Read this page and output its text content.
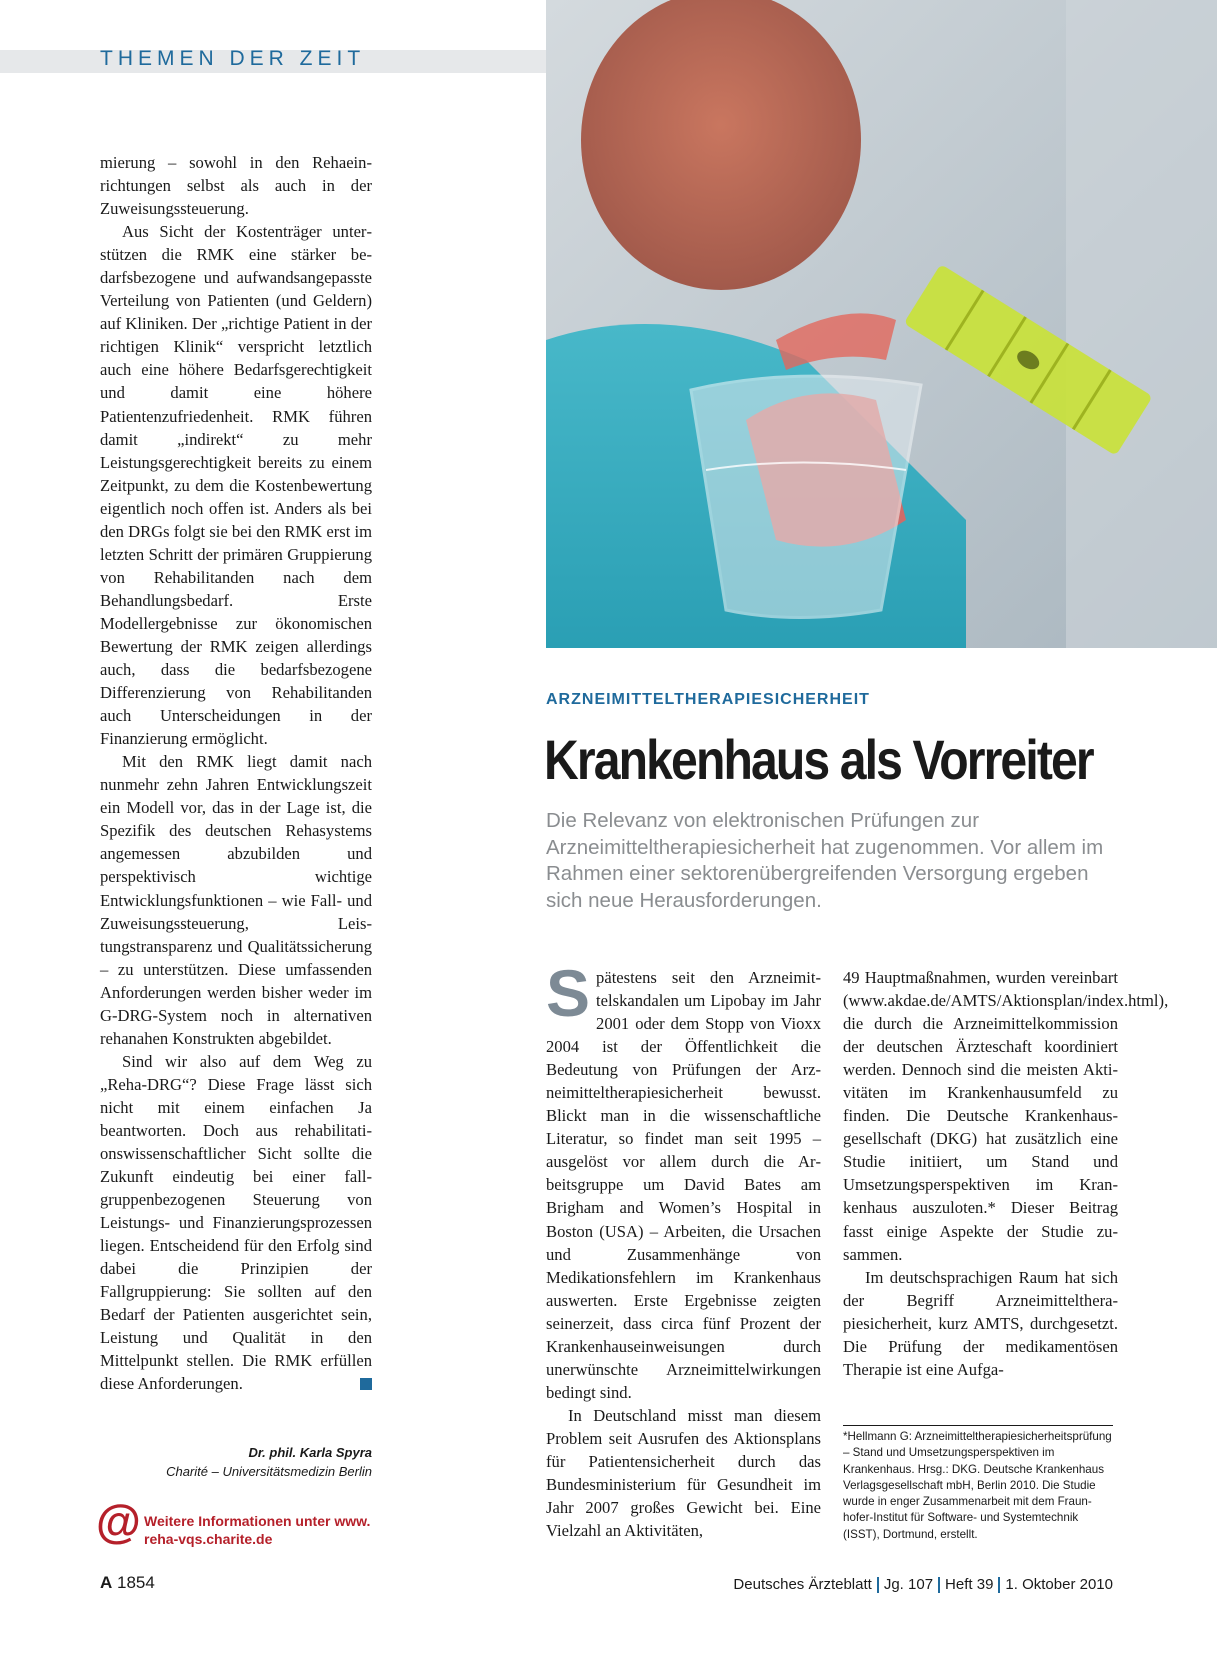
THEMEN DER ZEIT

mierung – sowohl in den Rehaeinrichtungen selbst als auch in der Zuweisungssteuerung.

Aus Sicht der Kostenträger unterstützen die RMK eine stärker bedarfsbezogene und aufwandsangepasste Verteilung von Patienten (und Geldern) auf Kliniken. Der „richtige Patient in der richtigen Klinik“ verspricht letztlich auch eine höhere Bedarfsgerechtigkeit und damit eine höhere Patientenzufriedenheit. RMK führen damit „indirekt“ zu mehr Leistungsgerechtigkeit bereits zu einem Zeitpunkt, zu dem die Kostenbewertung eigentlich noch offen ist. Anders als bei den DRGs folgt sie bei den RMK erst im letzten Schritt der primären Gruppierung von Rehabilitanden nach dem Behandlungsbedarf. Erste Modellergebnisse zur ökonomischen Bewertung der RMK zeigen allerdings auch, dass die bedarfsbezogene Differenzierung von Rehabilitanden auch Unterscheidungen in der Finanzierung ermöglicht.

Mit den RMK liegt damit nach nunmehr zehn Jahren Entwicklungszeit ein Modell vor, das in der Lage ist, die Spezifik des deutschen Rehasystems angemessen abzubilden und perspektivisch wichtige Entwicklungsfunktionen – wie Fall- und Zuweisungssteuerung, Leistungstransparenz und Qualitätssicherung – zu unterstützen. Diese umfassenden Anforderungen werden bisher weder im G-DRG-System noch in alternativen rehanahen Konstrukten abgebildet.

Sind wir also auf dem Weg zu „Reha-DRG“? Diese Frage lässt sich nicht mit einem einfachen Ja beantworten. Doch aus rehabilitationswissenschaftlicher Sicht sollte die Zukunft eindeutig bei einer fallgruppenbezogenen Steuerung von Leistungs- und Finanzierungsprozessen liegen. Entscheidend für den Erfolg sind dabei die Prinzipien der Fallgruppierung: Sie sollten auf den Bedarf der Patienten ausgerichtet sein, Leistung und Qualität in den Mittelpunkt stellen. Die RMK erfüllen diese Anforderungen.

Dr. phil. Karla Spyra
Charité – Universitätsmedizin Berlin
@ Weitere Informationen unter www.
reha-vqs.charite.de
ARZNEIMITTELTHERAPIESICHERHEIT
Krankenhaus als Vorreiter
Die Relevanz von elektronischen Prüfungen zur Arzneimitteltherapiesicherheit hat zugenommen. Vor allem im Rahmen einer sektorenübergreifenden Versorgung ergeben sich neue Herausforderungen.

Spätestens seit den Arzneimittelskandalen um Lipobay im Jahr 2001 oder dem Stopp von Vioxx 2004 ist der Öffentlichkeit die Bedeutung von Prüfungen der Arzneimitteltherapiesicherheit bewusst. Blickt man in die wissenschaftliche Literatur, so findet man seit 1995 – ausgelöst vor allem durch die Arbeitsgruppe um David Bates am Brigham and Women’s Hospital in Boston (USA) – Arbeiten, die Ursachen und Zusammenhänge von Medikationsfehlern im Krankenhaus auswerten. Erste Ergebnisse zeigten seinerzeit, dass circa fünf Prozent der Krankenhauseinweisungen durch unerwünschte Arzneimittelwirkungen bedingt sind.

In Deutschland misst man diesem Problem seit Ausrufen des Aktionsplans für Patientensicherheit durch das Bundesministerium für Gesundheit im Jahr 2007 großes Gewicht bei. Eine Vielzahl an Aktivitäten,

49 Hauptmaßnahmen, wurden vereinbart (www.akdae.de/AMTS/Aktionsplan/index.html), die durch die Arzneimittelkommission der deutschen Ärzteschaft koordiniert werden. Dennoch sind die meisten Aktivitäten im Krankenhausumfeld zu finden. Die Deutsche Krankenhausgesellschaft (DKG) hat zusätzlich eine Studie initiiert, um Stand und Umsetzungsperspektiven im Krankenhaus auszuloten.* Dieser Beitrag fasst einige Aspekte der Studie zusammen.

Im deutschsprachigen Raum hat sich der Begriff Arzneimitteltherapiesicherheit, kurz AMTS, durchgesetzt. Die Prüfung der medikamentösen Therapie ist eine Aufga-

*Hellmann G: Arzneimitteltherapiesicherheitsprüfung – Stand und Umsetzungsperspektiven im Krankenhaus. Hrsg.: DKG. Deutsche Krankenhaus Verlagsgesellschaft mbH, Berlin 2010. Die Studie wurde in enger Zusammenarbeit mit dem Fraunhofer-Institut für Software- und Systemtechnik (ISST), Dortmund, erstellt.
A 1854	Deutsches Ärzteblatt Jg. 107 Heft 39 1. Oktober 2010
